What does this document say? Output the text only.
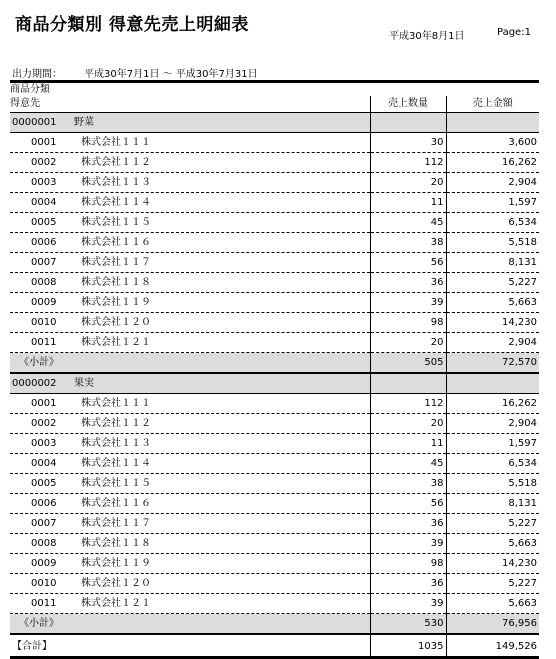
商品分類別 得意先売上明細表
平成30年8月1日	Page:1
出力期間： 平成30年7月1日 ～ 平成30年7月31日
商品分類		
得意先	売上数量	売上金額
0000001 野菜		
0001 株式会社１１１	30	3,600
0002 株式会社１１２	112	16,262
0003 株式会社１１３	20	2,904
0004 株式会社１１４	11	1,597
0005 株式会社１１５	45	6,534
0006 株式会社１１６	38	5,518
0007 株式会社１１７	56	8,131
0008 株式会社１１８	36	5,227
0009 株式会社１１９	39	5,663
0010 株式会社１２０	98	14,230
0011 株式会社１２１	20	2,904
《小計》	505	72,570
0000002 果実		
0001 株式会社１１１	112	16,262
0002 株式会社１１２	20	2,904
0003 株式会社１１３	11	1,597
0004 株式会社１１４	45	6,534
0005 株式会社１１５	38	5,518
0006 株式会社１１６	56	8,131
0007 株式会社１１７	36	5,227
0008 株式会社１１８	39	5,663
0009 株式会社１１９	98	14,230
0010 株式会社１２０	36	5,227
0011 株式会社１２１	39	5,663
《小計》	530	76,956
【合計】	1035	149,526
